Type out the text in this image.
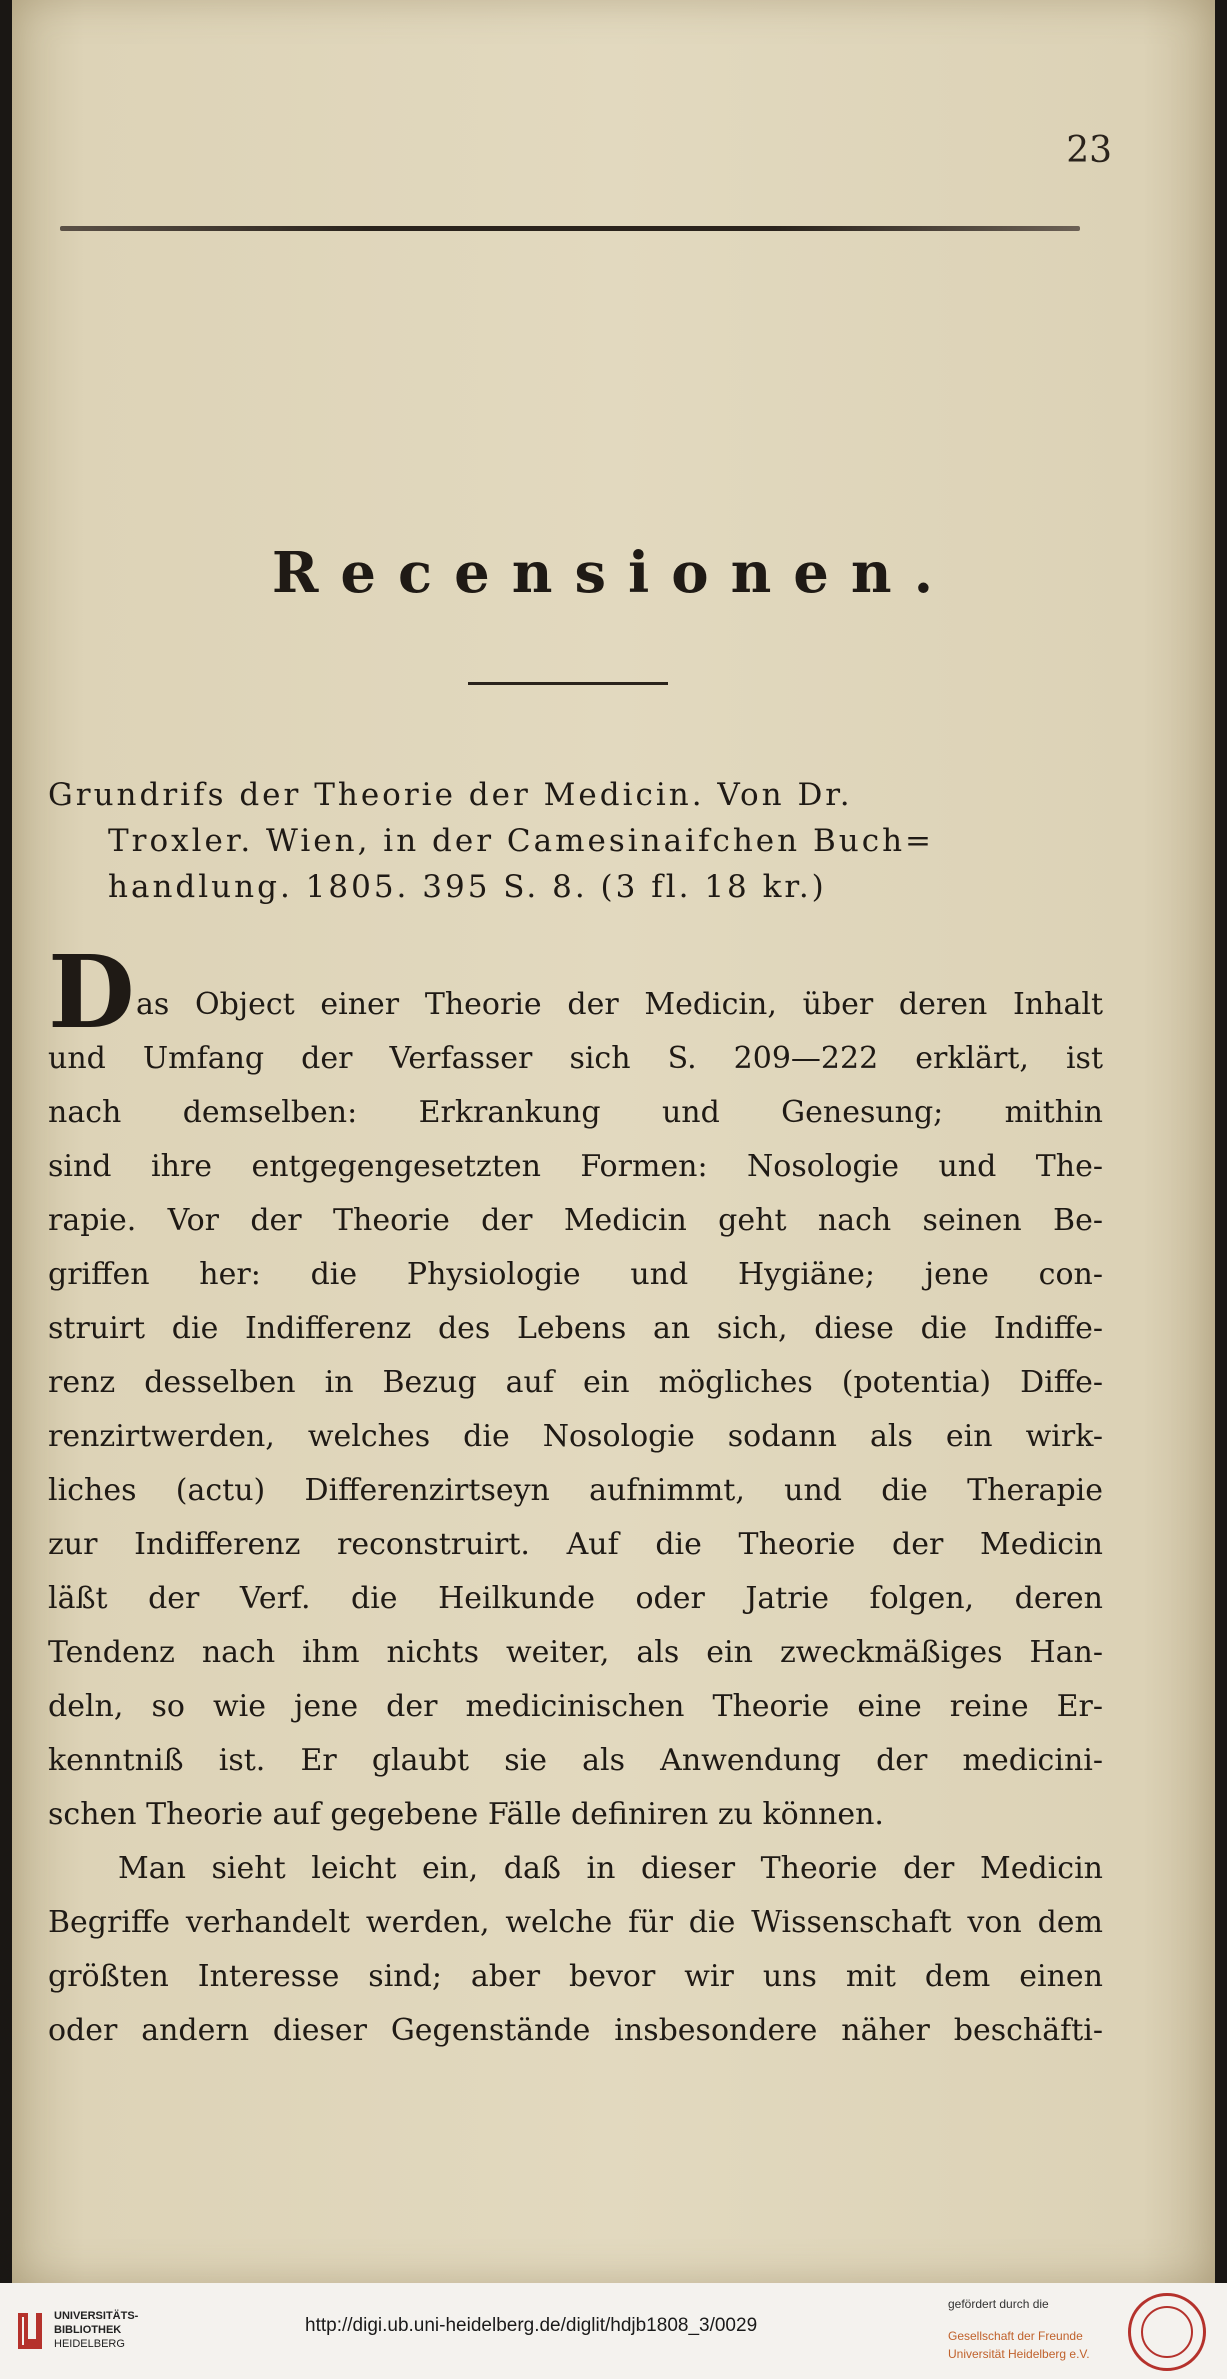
23
Recensionen.
Grundrifs der Theorie der Medicin. Von Dr.
Troxler. Wien, in der Camesinaifchen Buch=
handlung. 1805. 395 S. 8. (3 fl. 18 kr.)
D as Object einer Theorie der Medicin, über deren Inhalt
und Umfang der Verfasser sich S. 209—222 erklärt, ist
nach demselben: Erkrankung und Genesung; mithin
sind ihre entgegengesetzten Formen: Nosologie und The-
rapie. Vor der Theorie der Medicin geht nach seinen Be-
griffen her: die Physiologie und Hygiäne; jene con-
struirt die Indifferenz des Lebens an sich, diese die Indiffe-
renz desselben in Bezug auf ein mögliches (potentia) Diffe-
renzirtwerden, welches die Nosologie sodann als ein wirk-
liches (actu) Differenzirtseyn aufnimmt, und die Therapie
zur Indifferenz reconstruirt. Auf die Theorie der Medicin
läßt der Verf. die Heilkunde oder Jatrie folgen, deren
Tendenz nach ihm nichts weiter, als ein zweckmäßiges Han-
deln, so wie jene der medicinischen Theorie eine reine Er-
kenntniß ist. Er glaubt sie als Anwendung der medicini-
schen Theorie auf gegebene Fälle definiren zu können.
Man sieht leicht ein, daß in dieser Theorie der Medicin
Begriffe verhandelt werden, welche für die Wissenschaft von dem
größten Interesse sind; aber bevor wir uns mit dem einen
oder andern dieser Gegenstände insbesondere näher beschäfti-
UNIVERSITÄTS-
BIBLIOTHEK
HEIDELBERG
http://digi.ub.uni-heidelberg.de/diglit/hdjb1808_3/0029
gefördert durch die
Gesellschaft der Freunde
Universität Heidelberg e.V.
